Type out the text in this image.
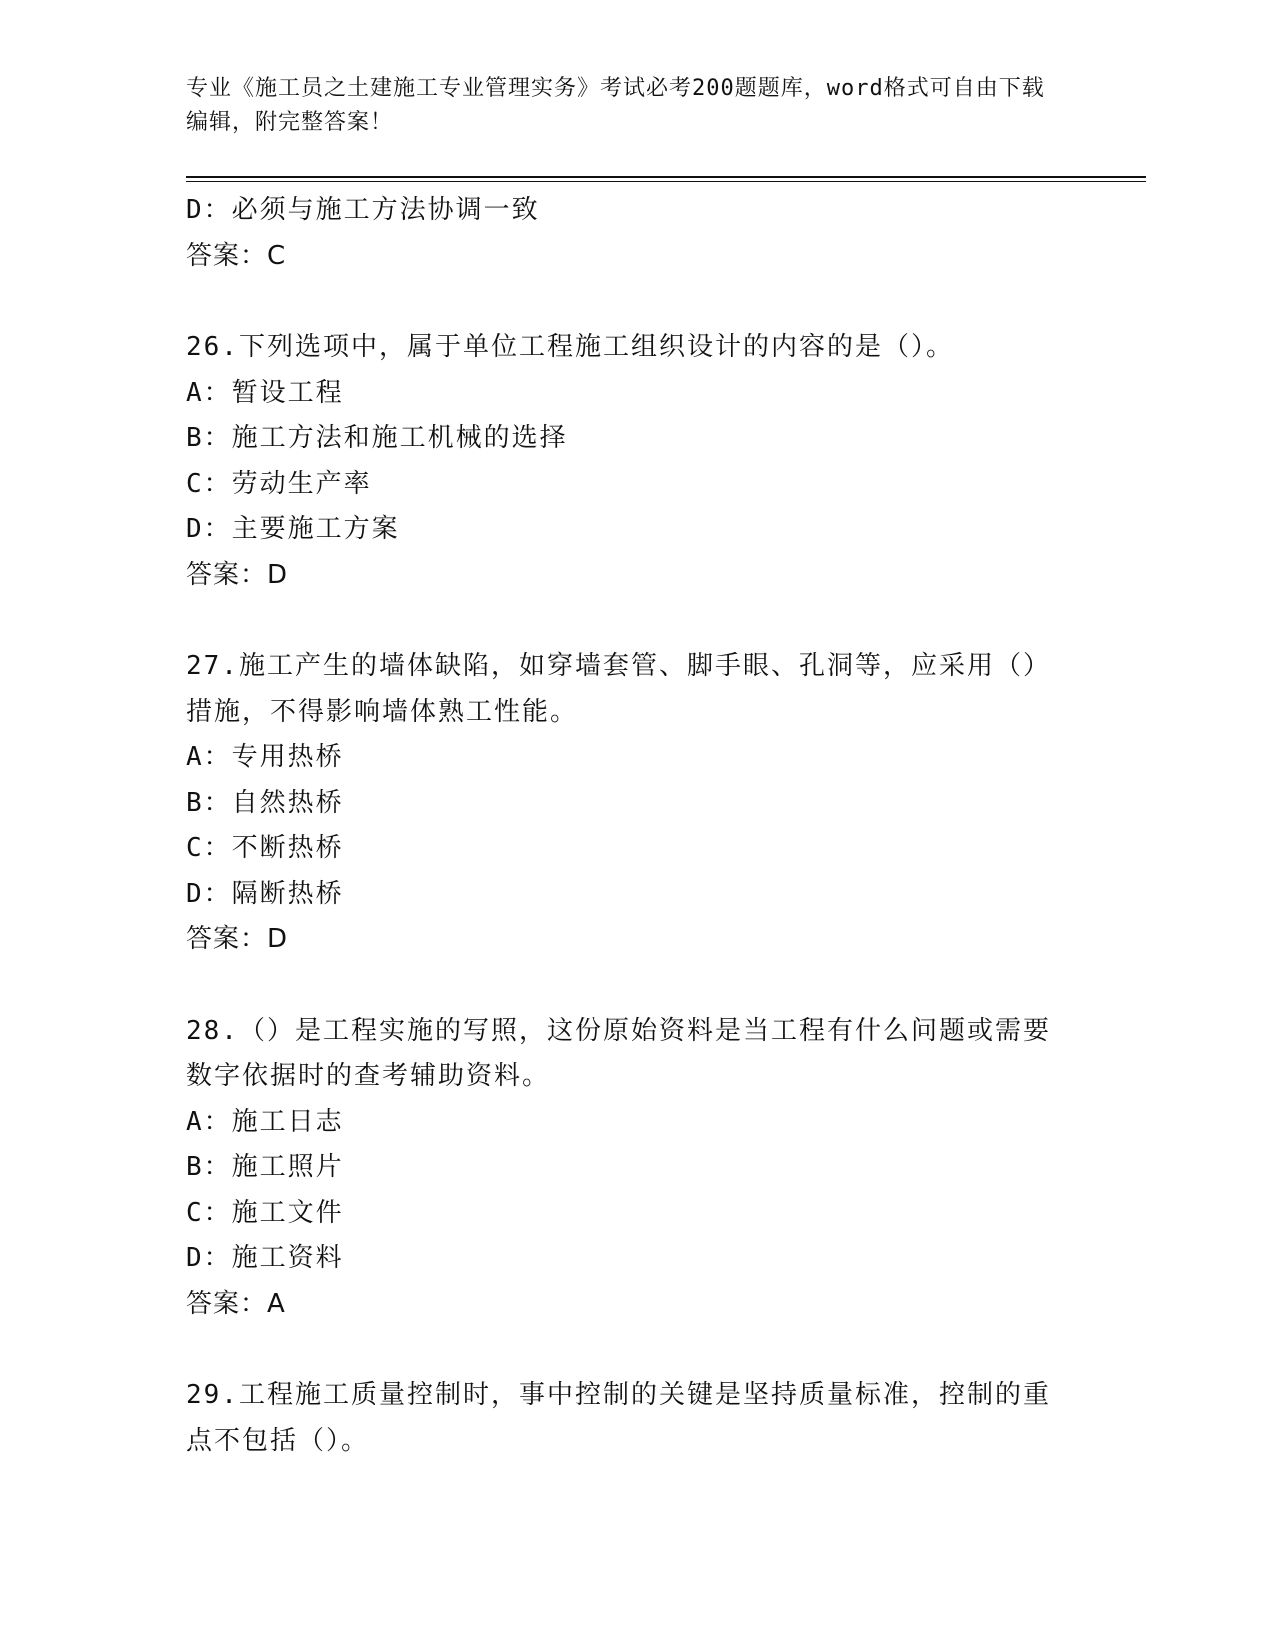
专业《施工员之土建施工专业管理实务》考试必考200题题库，word格式可自由下载编辑，附完整答案！
D：必须与施工方法协调一致
答案：C
26.下列选项中，属于单位工程施工组织设计的内容的是（）。
A：暂设工程
B：施工方法和施工机械的选择
C：劳动生产率
D：主要施工方案
答案：D
27.施工产生的墙体缺陷，如穿墙套管、脚手眼、孔洞等，应采用（）措施，不得影响墙体熟工性能。
A：专用热桥
B：自然热桥
C：不断热桥
D：隔断热桥
答案：D
28.（）是工程实施的写照，这份原始资料是当工程有什么问题或需要数字依据时的查考辅助资料。
A：施工日志
B：施工照片
C：施工文件
D：施工资料
答案：A
29.工程施工质量控制时，事中控制的关键是坚持质量标准，控制的重点不包括（）。
